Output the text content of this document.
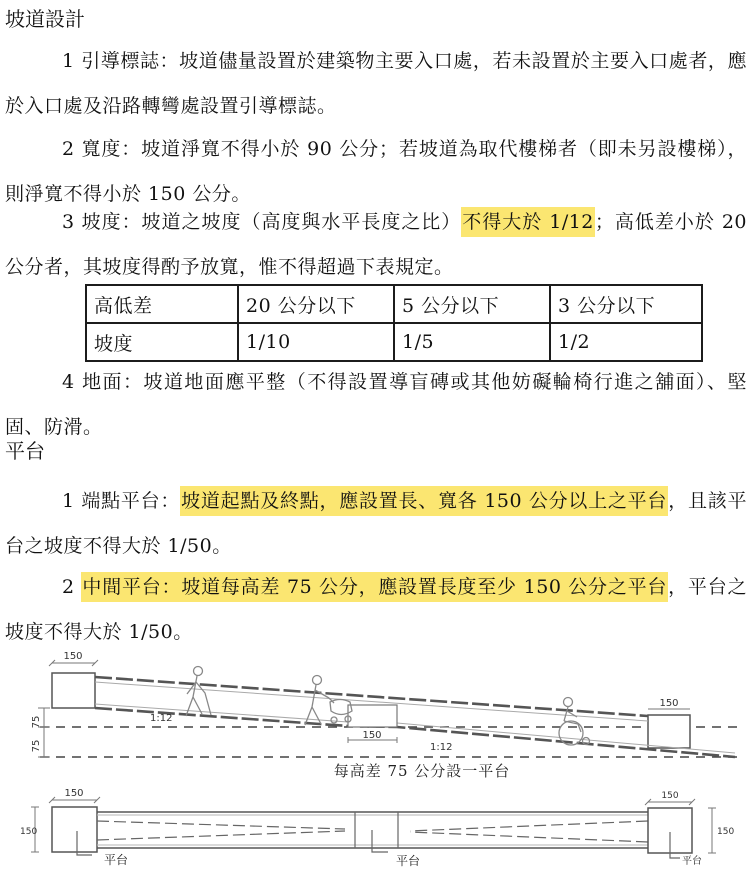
坡道設計

1 引導標誌：坡道儘量設置於建築物主要入口處，若未設置於主要入口處者，應於入口處及沿路轉彎處設置引導標誌。

2 寬度：坡道淨寬不得小於 90 公分；若坡道為取代樓梯者（即未另設樓梯），則淨寬不得小於 150 公分。

3 坡度：坡道之坡度（高度與水平長度之比）不得大於 1/12；高低差小於 20 公分者，其坡度得酌予放寬，惟不得超過下表規定。

高低差	20 公分以下	5 公分以下	3 公分以下
坡度	1/10	1/5	1/2

4 地面：坡道地面應平整（不得設置導盲磚或其他妨礙輪椅行進之舖面）、堅固、防滑。

平台

1 端點平台：坡道起點及終點，應設置長、寬各 150 公分以上之平台，且該平台之坡度不得大於 1/50。

2 中間平台：坡道每高差 75 公分，應設置長度至少 150 公分之平台，平台之坡度不得大於 1/50。

150
150
150
75
75
1:12
1:12
每高差 75 公分設一平台
150
150
150
150
平台	平台	平台
